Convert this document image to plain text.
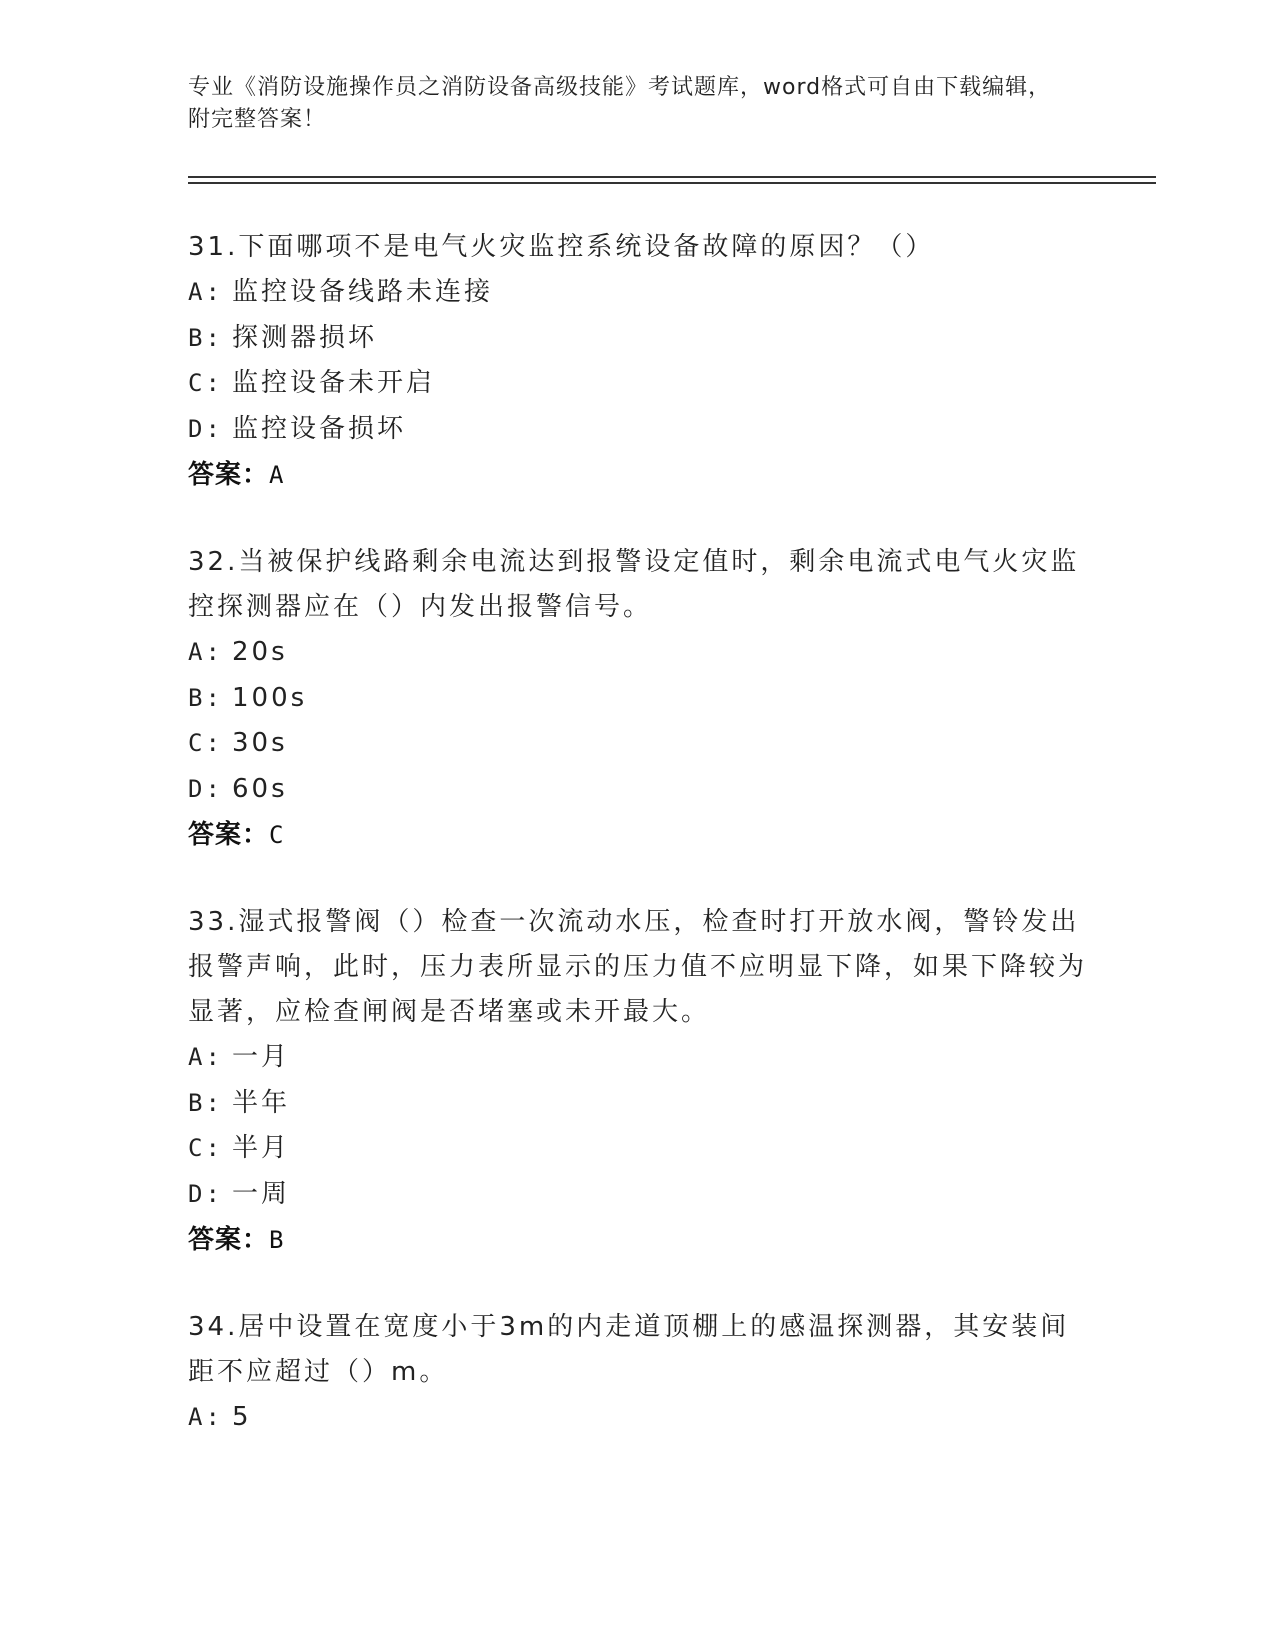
专业《消防设施操作员之消防设备高级技能》考试题库，word格式可自由下载编辑，附完整答案！

31.下面哪项不是电气火灾监控系统设备故障的原因？（）

A: 监控设备线路未连接
B: 探测器损坏
C: 监控设备未开启
D: 监控设备损坏

答案：A

32.当被保护线路剩余电流达到报警设定值时，剩余电流式电气火灾监控探测器应在（）内发出报警信号。

A: 20s
B: 100s
C: 30s
D: 60s

答案：C

33.湿式报警阀（）检查一次流动水压，检查时打开放水阀，警铃发出报警声响，此时，压力表所显示的压力值不应明显下降，如果下降较为显著，应检查闸阀是否堵塞或未开最大。

A: 一月
B: 半年
C: 半月
D: 一周

答案：B

34.居中设置在宽度小于3m的内走道顶棚上的感温探测器，其安装间距不应超过（）m。

A: 5
